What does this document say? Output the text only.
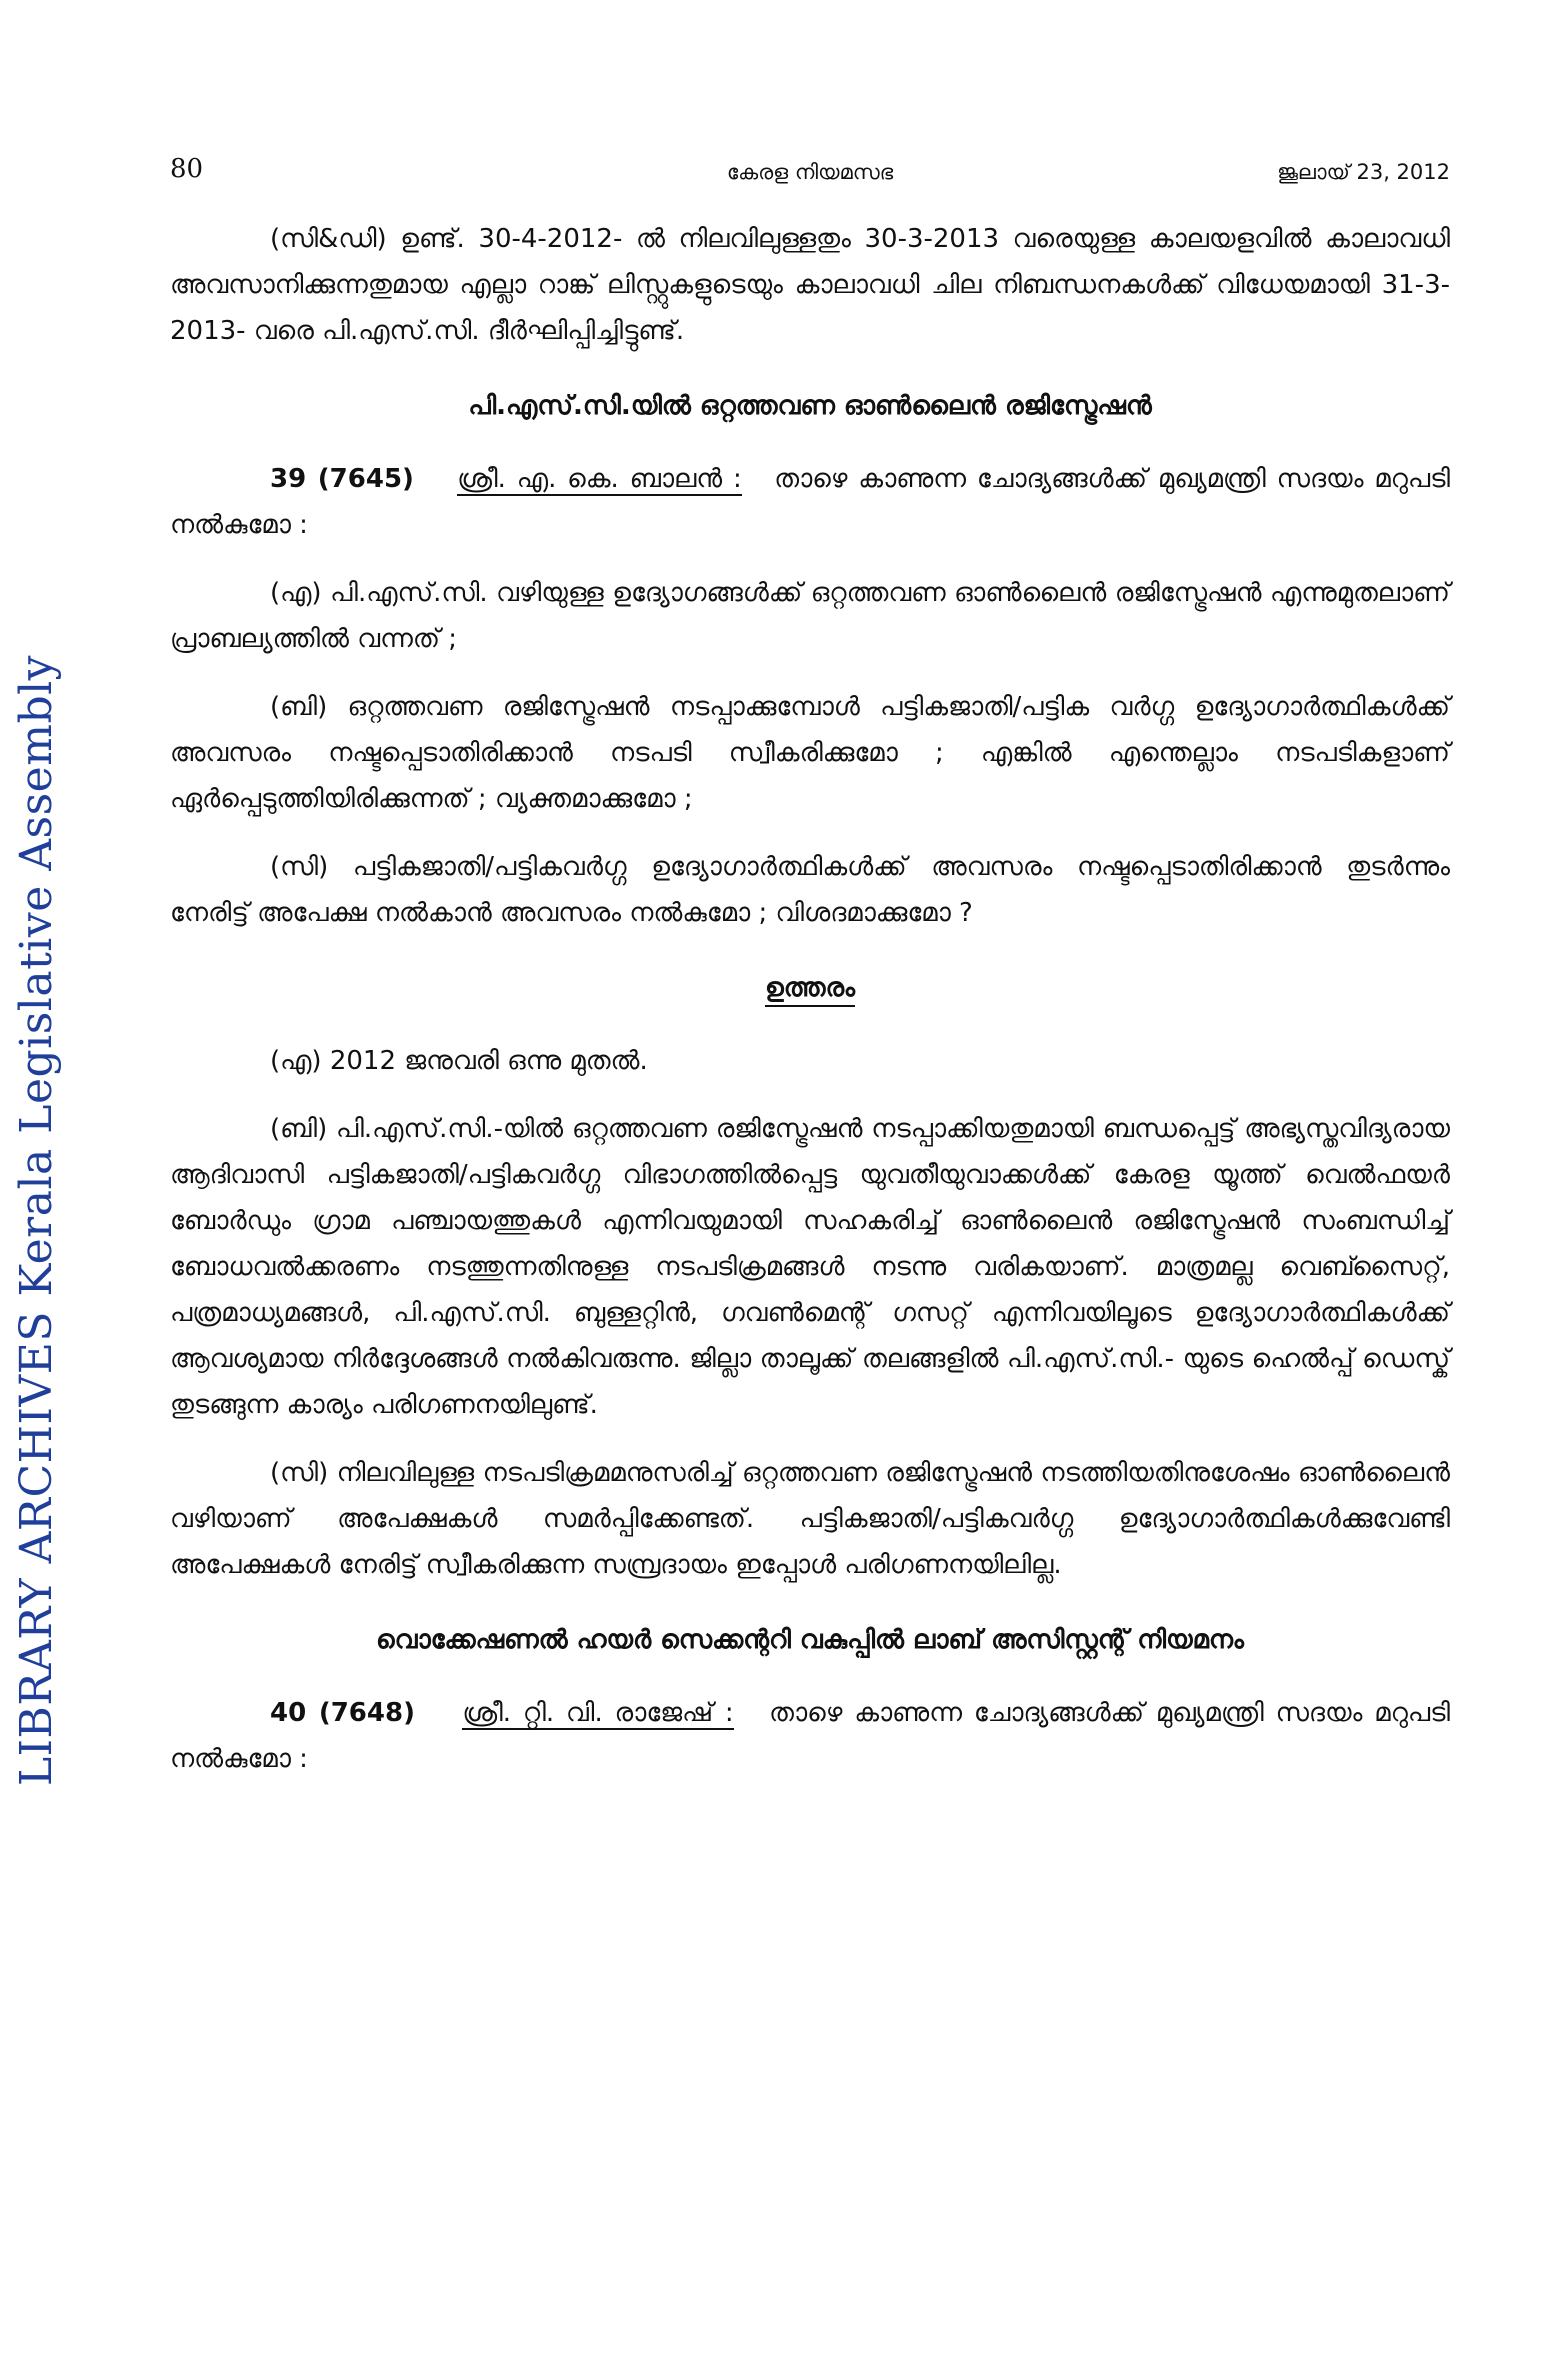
LIBRARY ARCHIVES Kerala Legislative Assembly
80	കേരള നിയമസഭ	ജൂലായ് 23, 2012

(സി&ഡി) ഉണ്ട്. 30-4-2012- ൽ നിലവിലുള്ളതും 30-3-2013 വരെയുള്ള കാലയളവിൽ കാലാവധി അവസാനിക്കുന്നതുമായ എല്ലാ റാങ്ക് ലിസ്റ്റുകളുടെയും കാലാവധി ചില നിബന്ധനകൾക്ക് വിധേയമായി 31-3-2013- വരെ പി.എസ്.സി. ദീർഘിപ്പിച്ചിട്ടുണ്ട്.

പി.എസ്.സി.യിൽ ഒറ്റത്തവണ ഓൺലൈൻ രജിസ്ട്രേഷൻ

39 (7645) ശ്രീ. എ. കെ. ബാലൻ : താഴെ കാണുന്ന ചോദ്യങ്ങൾക്ക് മുഖ്യമന്ത്രി സദയം മറുപടി നൽകുമോ :

(എ) പി.എസ്.സി. വഴിയുള്ള ഉദ്യോഗങ്ങൾക്ക് ഒറ്റത്തവണ ഓൺലൈൻ രജിസ്ട്രേഷൻ എന്നുമുതലാണ് പ്രാബല്യത്തിൽ വന്നത് ;

(ബി) ഒറ്റത്തവണ രജിസ്ട്രേഷൻ നടപ്പാക്കുമ്പോൾ പട്ടികജാതി/പട്ടിക വർഗ്ഗ ഉദ്യോഗാർത്ഥികൾക്ക് അവസരം നഷ്ടപ്പെടാതിരിക്കാൻ നടപടി സ്വീകരിക്കുമോ ; എങ്കിൽ എന്തെല്ലാം നടപടികളാണ് ഏർപ്പെടുത്തിയിരിക്കുന്നത് ; വ്യക്തമാക്കുമോ ;

(സി) പട്ടികജാതി/പട്ടികവർഗ്ഗ ഉദ്യോഗാർത്ഥികൾക്ക് അവസരം നഷ്ടപ്പെടാതിരിക്കാൻ തുടർന്നും നേരിട്ട് അപേക്ഷ നൽകാൻ അവസരം നൽകുമോ ; വിശദമാക്കുമോ ?

ഉത്തരം

(എ) 2012 ജനുവരി ഒന്നു മുതൽ.

(ബി) പി.എസ്.സി.-യിൽ ഒറ്റത്തവണ രജിസ്ട്രേഷൻ നടപ്പാക്കിയതുമായി ബന്ധപ്പെട്ട് അഭ്യസ്തവിദ്യരായ ആദിവാസി പട്ടികജാതി/പട്ടികവർഗ്ഗ വിഭാഗത്തിൽപ്പെട്ട യുവതീയുവാക്കൾക്ക് കേരള യൂത്ത് വെൽഫയർ ബോർഡും ഗ്രാമ പഞ്ചായത്തുകൾ എന്നിവയുമായി സഹകരിച്ച് ഓൺലൈൻ രജിസ്ട്രേഷൻ സംബന്ധിച്ച് ബോധവൽക്കരണം നടത്തുന്നതിനുള്ള നടപടിക്രമങ്ങൾ നടന്നു വരികയാണ്. മാത്രമല്ല വെബ്സൈറ്റ്, പത്രമാധ്യമങ്ങൾ, പി.എസ്.സി. ബുള്ളറ്റിൻ, ഗവൺമെന്റ് ഗസറ്റ് എന്നിവയിലൂടെ ഉദ്യോഗാർത്ഥികൾക്ക് ആവശ്യമായ നിർദ്ദേശങ്ങൾ നൽകിവരുന്നു. ജില്ലാ താലൂക്ക് തലങ്ങളിൽ പി.എസ്.സി.- യുടെ ഹെൽപ്പ് ഡെസ്ക് തുടങ്ങുന്ന കാര്യം പരിഗണനയിലുണ്ട്.

(സി) നിലവിലുള്ള നടപടിക്രമമനുസരിച്ച് ഒറ്റത്തവണ രജിസ്ട്രേഷൻ നടത്തിയതിനുശേഷം ഓൺലൈൻ വഴിയാണ് അപേക്ഷകൾ സമർപ്പിക്കേണ്ടത്. പട്ടികജാതി/പട്ടികവർഗ്ഗ ഉദ്യോഗാർത്ഥികൾക്കുവേണ്ടി അപേക്ഷകൾ നേരിട്ട് സ്വീകരിക്കുന്ന സമ്പ്രദായം ഇപ്പോൾ പരിഗണനയിലില്ല.

വൊക്കേഷണൽ ഹയർ സെക്കന്ററി വകുപ്പിൽ ലാബ് അസിസ്റ്റന്റ് നിയമനം

40 (7648) ശ്രീ. റ്റി. വി. രാജേഷ് : താഴെ കാണുന്ന ചോദ്യങ്ങൾക്ക് മുഖ്യമന്ത്രി സദയം മറുപടി നൽകുമോ :
